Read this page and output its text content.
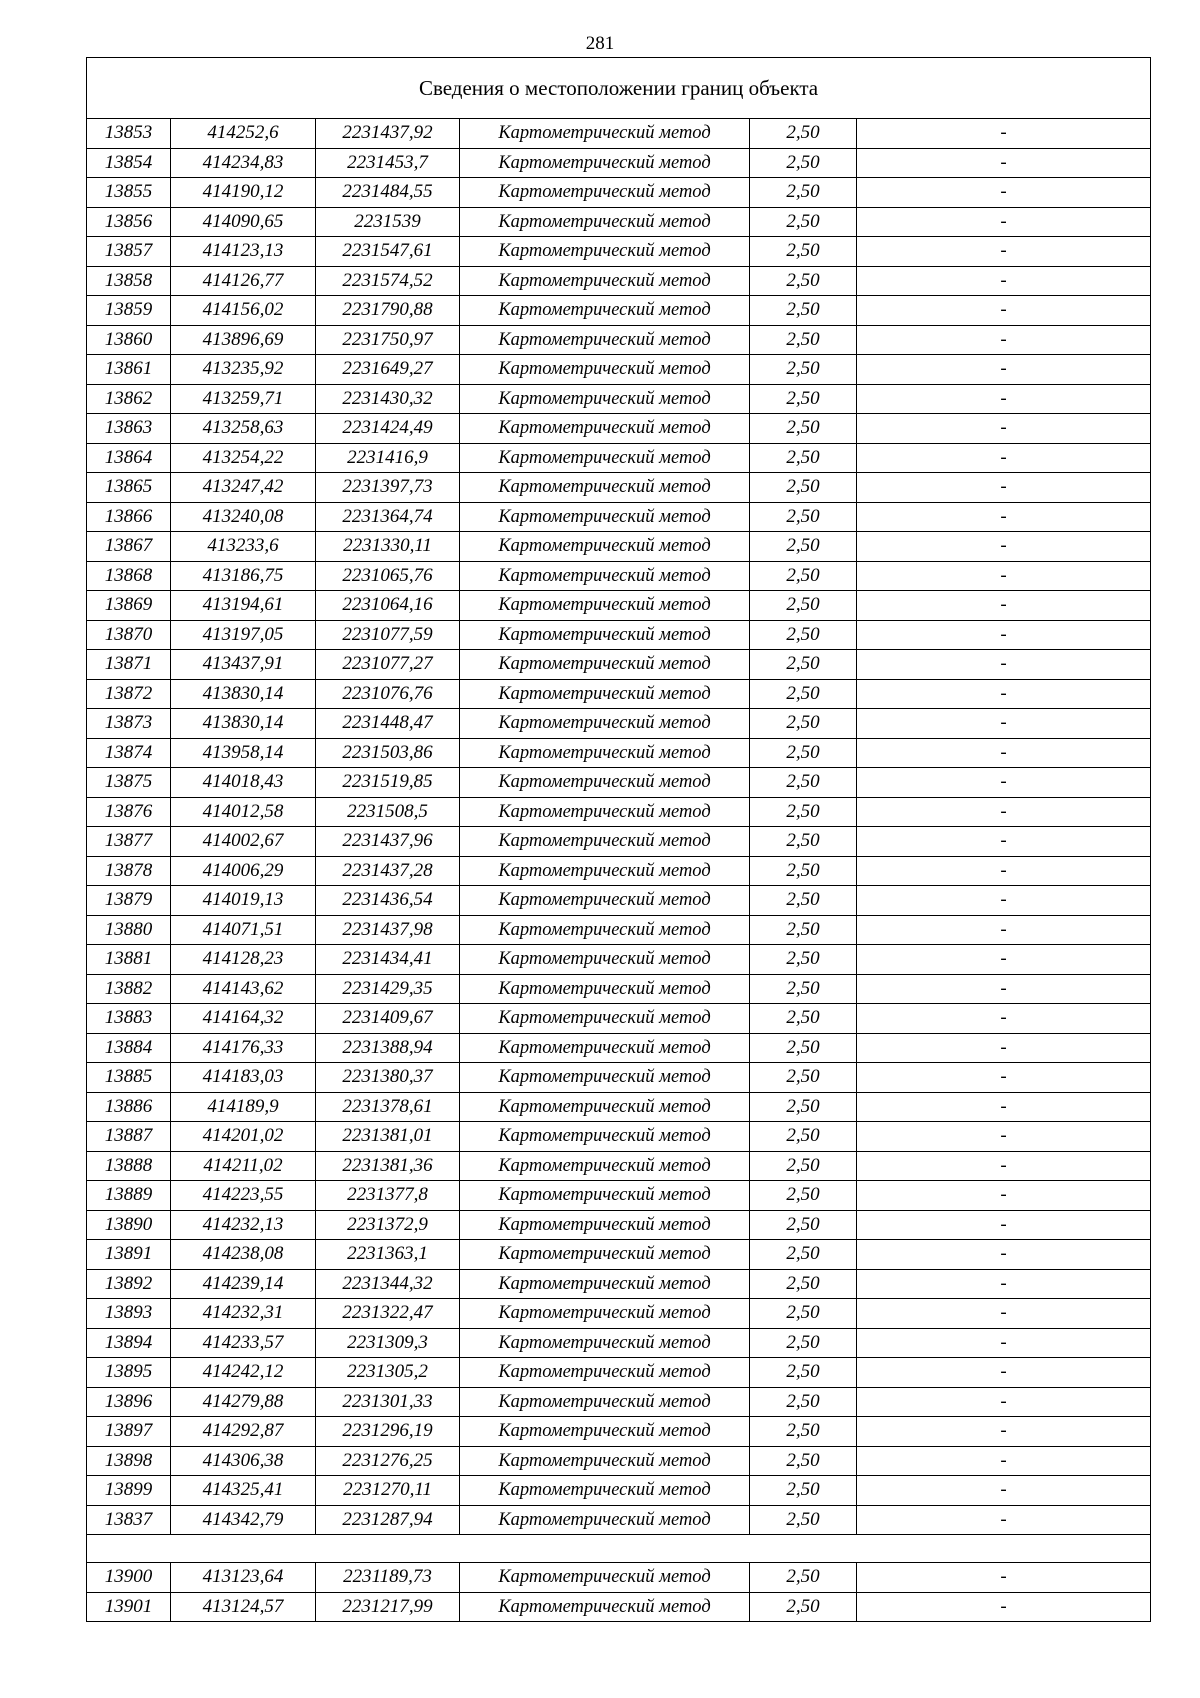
281
Сведения о местоположении границ объекта					
13853	414252,6	2231437,92	Картометрический метод	2,50	-
13854	414234,83	2231453,7	Картометрический метод	2,50	-
13855	414190,12	2231484,55	Картометрический метод	2,50	-
13856	414090,65	2231539	Картометрический метод	2,50	-
13857	414123,13	2231547,61	Картометрический метод	2,50	-
13858	414126,77	2231574,52	Картометрический метод	2,50	-
13859	414156,02	2231790,88	Картометрический метод	2,50	-
13860	413896,69	2231750,97	Картометрический метод	2,50	-
13861	413235,92	2231649,27	Картометрический метод	2,50	-
13862	413259,71	2231430,32	Картометрический метод	2,50	-
13863	413258,63	2231424,49	Картометрический метод	2,50	-
13864	413254,22	2231416,9	Картометрический метод	2,50	-
13865	413247,42	2231397,73	Картометрический метод	2,50	-
13866	413240,08	2231364,74	Картометрический метод	2,50	-
13867	413233,6	2231330,11	Картометрический метод	2,50	-
13868	413186,75	2231065,76	Картометрический метод	2,50	-
13869	413194,61	2231064,16	Картометрический метод	2,50	-
13870	413197,05	2231077,59	Картометрический метод	2,50	-
13871	413437,91	2231077,27	Картометрический метод	2,50	-
13872	413830,14	2231076,76	Картометрический метод	2,50	-
13873	413830,14	2231448,47	Картометрический метод	2,50	-
13874	413958,14	2231503,86	Картометрический метод	2,50	-
13875	414018,43	2231519,85	Картометрический метод	2,50	-
13876	414012,58	2231508,5	Картометрический метод	2,50	-
13877	414002,67	2231437,96	Картометрический метод	2,50	-
13878	414006,29	2231437,28	Картометрический метод	2,50	-
13879	414019,13	2231436,54	Картометрический метод	2,50	-
13880	414071,51	2231437,98	Картометрический метод	2,50	-
13881	414128,23	2231434,41	Картометрический метод	2,50	-
13882	414143,62	2231429,35	Картометрический метод	2,50	-
13883	414164,32	2231409,67	Картометрический метод	2,50	-
13884	414176,33	2231388,94	Картометрический метод	2,50	-
13885	414183,03	2231380,37	Картометрический метод	2,50	-
13886	414189,9	2231378,61	Картометрический метод	2,50	-
13887	414201,02	2231381,01	Картометрический метод	2,50	-
13888	414211,02	2231381,36	Картометрический метод	2,50	-
13889	414223,55	2231377,8	Картометрический метод	2,50	-
13890	414232,13	2231372,9	Картометрический метод	2,50	-
13891	414238,08	2231363,1	Картометрический метод	2,50	-
13892	414239,14	2231344,32	Картометрический метод	2,50	-
13893	414232,31	2231322,47	Картометрический метод	2,50	-
13894	414233,57	2231309,3	Картометрический метод	2,50	-
13895	414242,12	2231305,2	Картометрический метод	2,50	-
13896	414279,88	2231301,33	Картометрический метод	2,50	-
13897	414292,87	2231296,19	Картометрический метод	2,50	-
13898	414306,38	2231276,25	Картометрический метод	2,50	-
13899	414325,41	2231270,11	Картометрический метод	2,50	-
13837	414342,79	2231287,94	Картометрический метод	2,50	-

13900	413123,64	2231189,73	Картометрический метод	2,50	-
13901	413124,57	2231217,99	Картометрический метод	2,50	-
